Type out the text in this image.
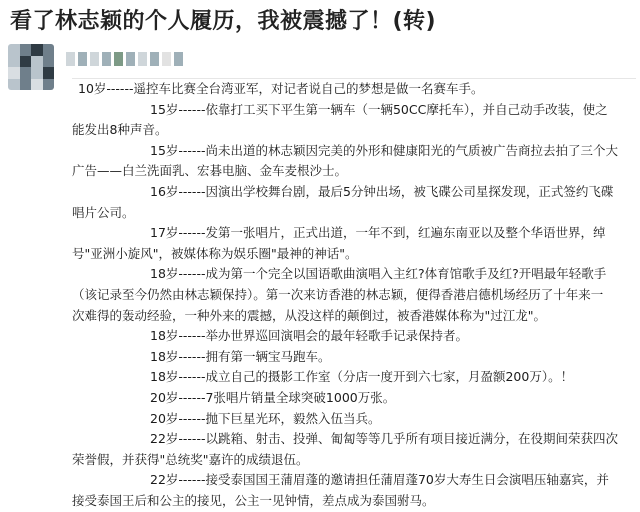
看了林志颖的个人履历，我被震撼了！(转)
10岁------遥控车比赛全台湾亚军，对记者说自己的梦想是做一名赛车手。
15岁------依靠打工买下平生第一辆车（一辆50CC摩托车），并自己动手改装，使之
能发出8种声音。
15岁------尚未出道的林志颖因完美的外形和健康阳光的气质被广告商拉去拍了三个大
广告——白兰洗面乳、宏碁电脑、金车麦根沙士。
16岁------因演出学校舞台剧，最后5分钟出场，被飞碟公司星探发现，正式签约飞碟
唱片公司。
17岁------发第一张唱片，正式出道，一年不到，红遍东南亚以及整个华语世界，绰
号"亚洲小旋风"，被媒体称为娱乐圈"最神的神话"。
18岁------成为第一个完全以国语歌曲演唱入主红?体育馆歌手及红?开唱最年轻歌手
（该记录至今仍然由林志颖保持）。第一次来访香港的林志颖，便得香港启德机场经历了十年来一
次难得的轰动经验，一种外来的震撼，从没这样的颠倒过，被香港媒体称为"过江龙"。
18岁------举办世界巡回演唱会的最年轻歌手记录保持者。
18岁------拥有第一辆宝马跑车。
18岁------成立自己的摄影工作室（分店一度开到六七家，月盈额200万）。！
20岁------7张唱片销量全球突破1000万张。
20岁------抛下巨星光环，毅然入伍当兵。
22岁------以跳箱、射击、投弹、匍匐等等几乎所有项目接近满分，在役期间荣获四次
荣誉假，并获得"总统奖"嘉许的成绩退伍。
22岁------接受泰国国王蒲眉蓬的邀请担任蒲眉蓬70岁大寿生日会演唱压轴嘉宾，并
接受泰国王后和公主的接见，公主一见钟情，差点成为泰国驸马。
